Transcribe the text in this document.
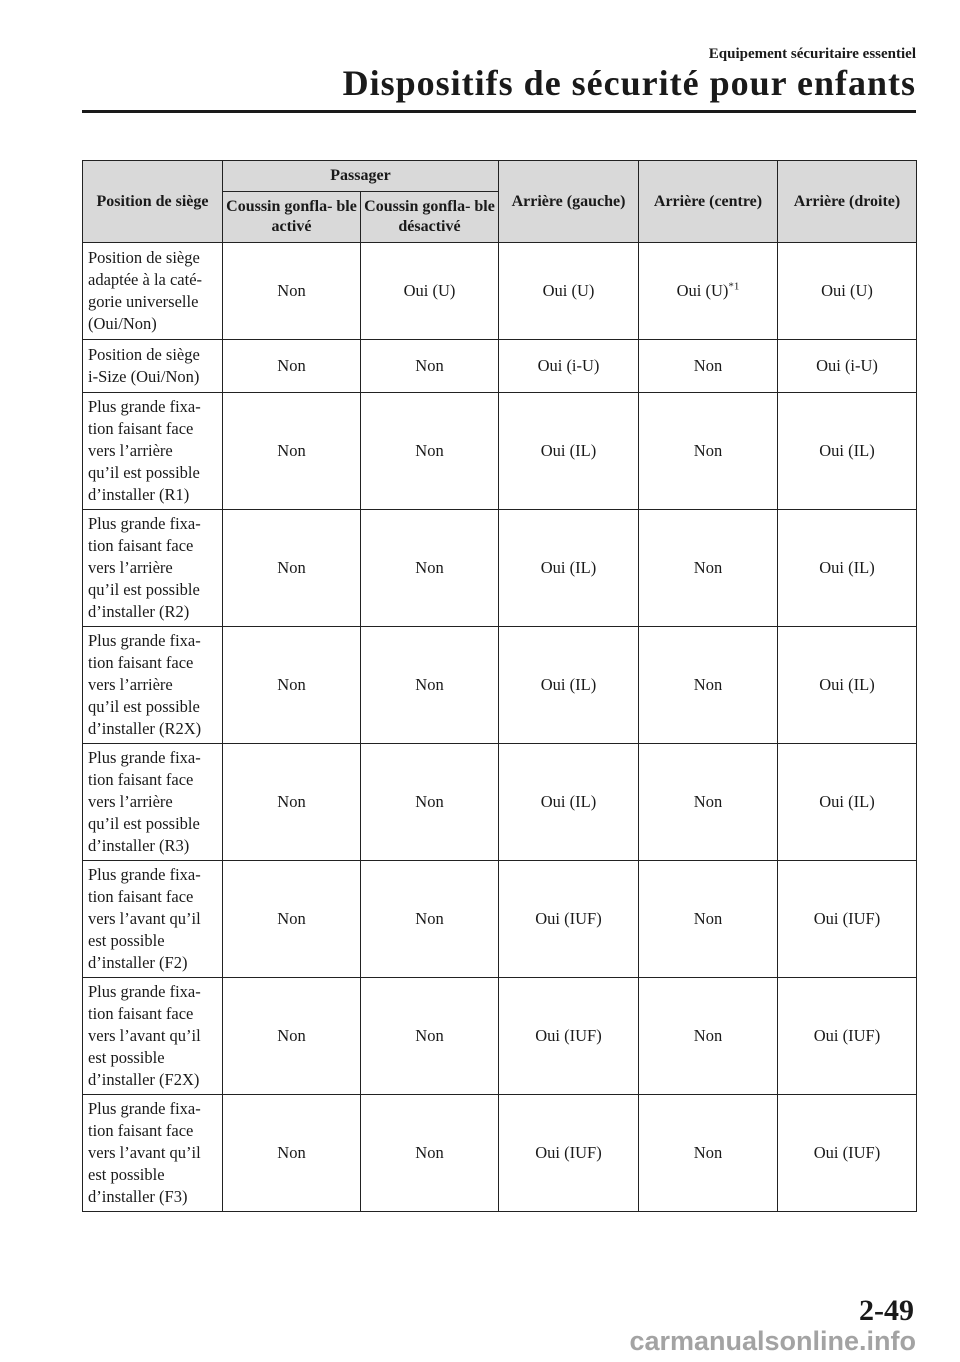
Equipement sécuritaire essentiel
Dispositifs de sécurité pour enfants
Position de siège	Passager		Arrière (gauche)	Arrière (centre)	Arrière (droite)
	Coussin gonfla- ble activé	Coussin gonfla- ble désactivé			

Position de siège
adaptée à la caté-
gorie universelle
(Oui/Non)	Non	Oui (U)	Oui (U)	Oui (U)$^{*1}$	Oui (U)

Position de siège
i-Size (Oui/Non)	Non	Non	Oui (i-U)	Non	Oui (i-U)

Plus grande fixa-
tion faisant face
vers l’arrière
qu’il est possible
d’installer (R1)	Non	Non	Oui (IL)	Non	Oui (IL)

Plus grande fixa-
tion faisant face
vers l’arrière
qu’il est possible
d’installer (R2)	Non	Non	Oui (IL)	Non	Oui (IL)

Plus grande fixa-
tion faisant face
vers l’arrière
qu’il est possible
d’installer (R2X)	Non	Non	Oui (IL)	Non	Oui (IL)

Plus grande fixa-
tion faisant face
vers l’arrière
qu’il est possible
d’installer (R3)	Non	Non	Oui (IL)	Non	Oui (IL)

Plus grande fixa-
tion faisant face
vers l’avant qu’il
est possible
d’installer (F2)	Non	Non	Oui (IUF)	Non	Oui (IUF)

Plus grande fixa-
tion faisant face
vers l’avant qu’il
est possible
d’installer (F2X)	Non	Non	Oui (IUF)	Non	Oui (IUF)

Plus grande fixa-
tion faisant face
vers l’avant qu’il
est possible
d’installer (F3)	Non	Non	Oui (IUF)	Non	Oui (IUF)
2-49
carmanualsonline.info
